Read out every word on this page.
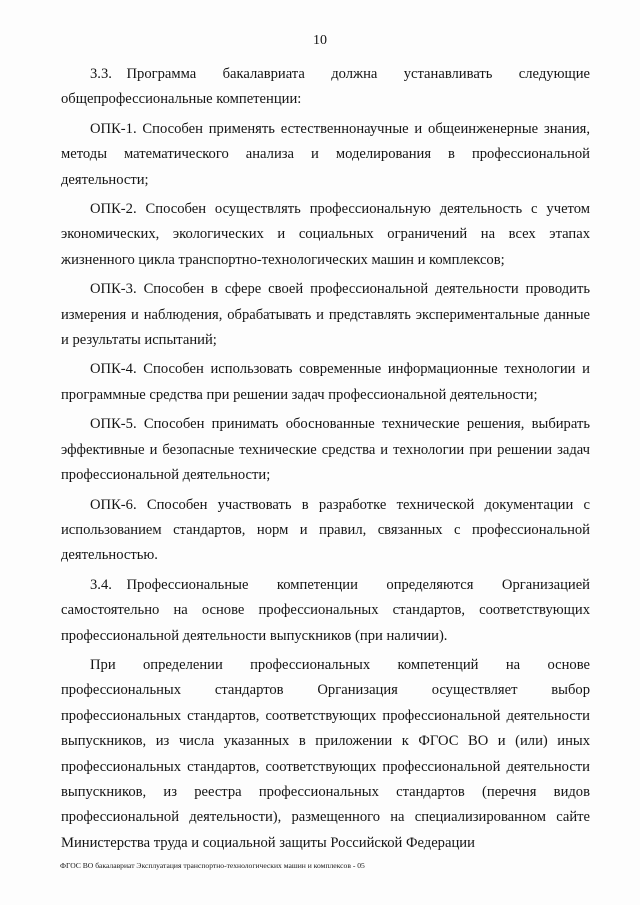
10

3.3. Программа бакалавриата должна устанавливать следующие общепрофессиональные компетенции:

ОПК-1. Способен применять естественнонаучные и общеинженерные знания, методы математического анализа и моделирования в профессиональной деятельности;

ОПК-2. Способен осуществлять профессиональную деятельность с учетом экономических, экологических и социальных ограничений на всех этапах жизненного цикла транспортно-технологических машин и комплексов;

ОПК-3. Способен в сфере своей профессиональной деятельности проводить измерения и наблюдения, обрабатывать и представлять экспериментальные данные и результаты испытаний;

ОПК-4. Способен использовать современные информационные технологии и программные средства при решении задач профессиональной деятельности;

ОПК-5. Способен принимать обоснованные технические решения, выбирать эффективные и безопасные технические средства и технологии при решении задач профессиональной деятельности;

ОПК-6. Способен участвовать в разработке технической документации с использованием стандартов, норм и правил, связанных с профессиональной деятельностью.

3.4. Профессиональные компетенции определяются Организацией самостоятельно на основе профессиональных стандартов, соответствующих профессиональной деятельности выпускников (при наличии).

При определении профессиональных компетенций на основе профессиональных стандартов Организация осуществляет выбор профессиональных стандартов, соответствующих профессиональной деятельности выпускников, из числа указанных в приложении к ФГОС ВО и (или) иных профессиональных стандартов, соответствующих профессиональной деятельности выпускников, из реестра профессиональных стандартов (перечня видов профессиональной деятельности), размещенного на специализированном сайте Министерства труда и социальной защиты Российской Федерации

ФГОС ВО бакалавриат Эксплуатация транспортно-технологических машин и комплексов - 05
